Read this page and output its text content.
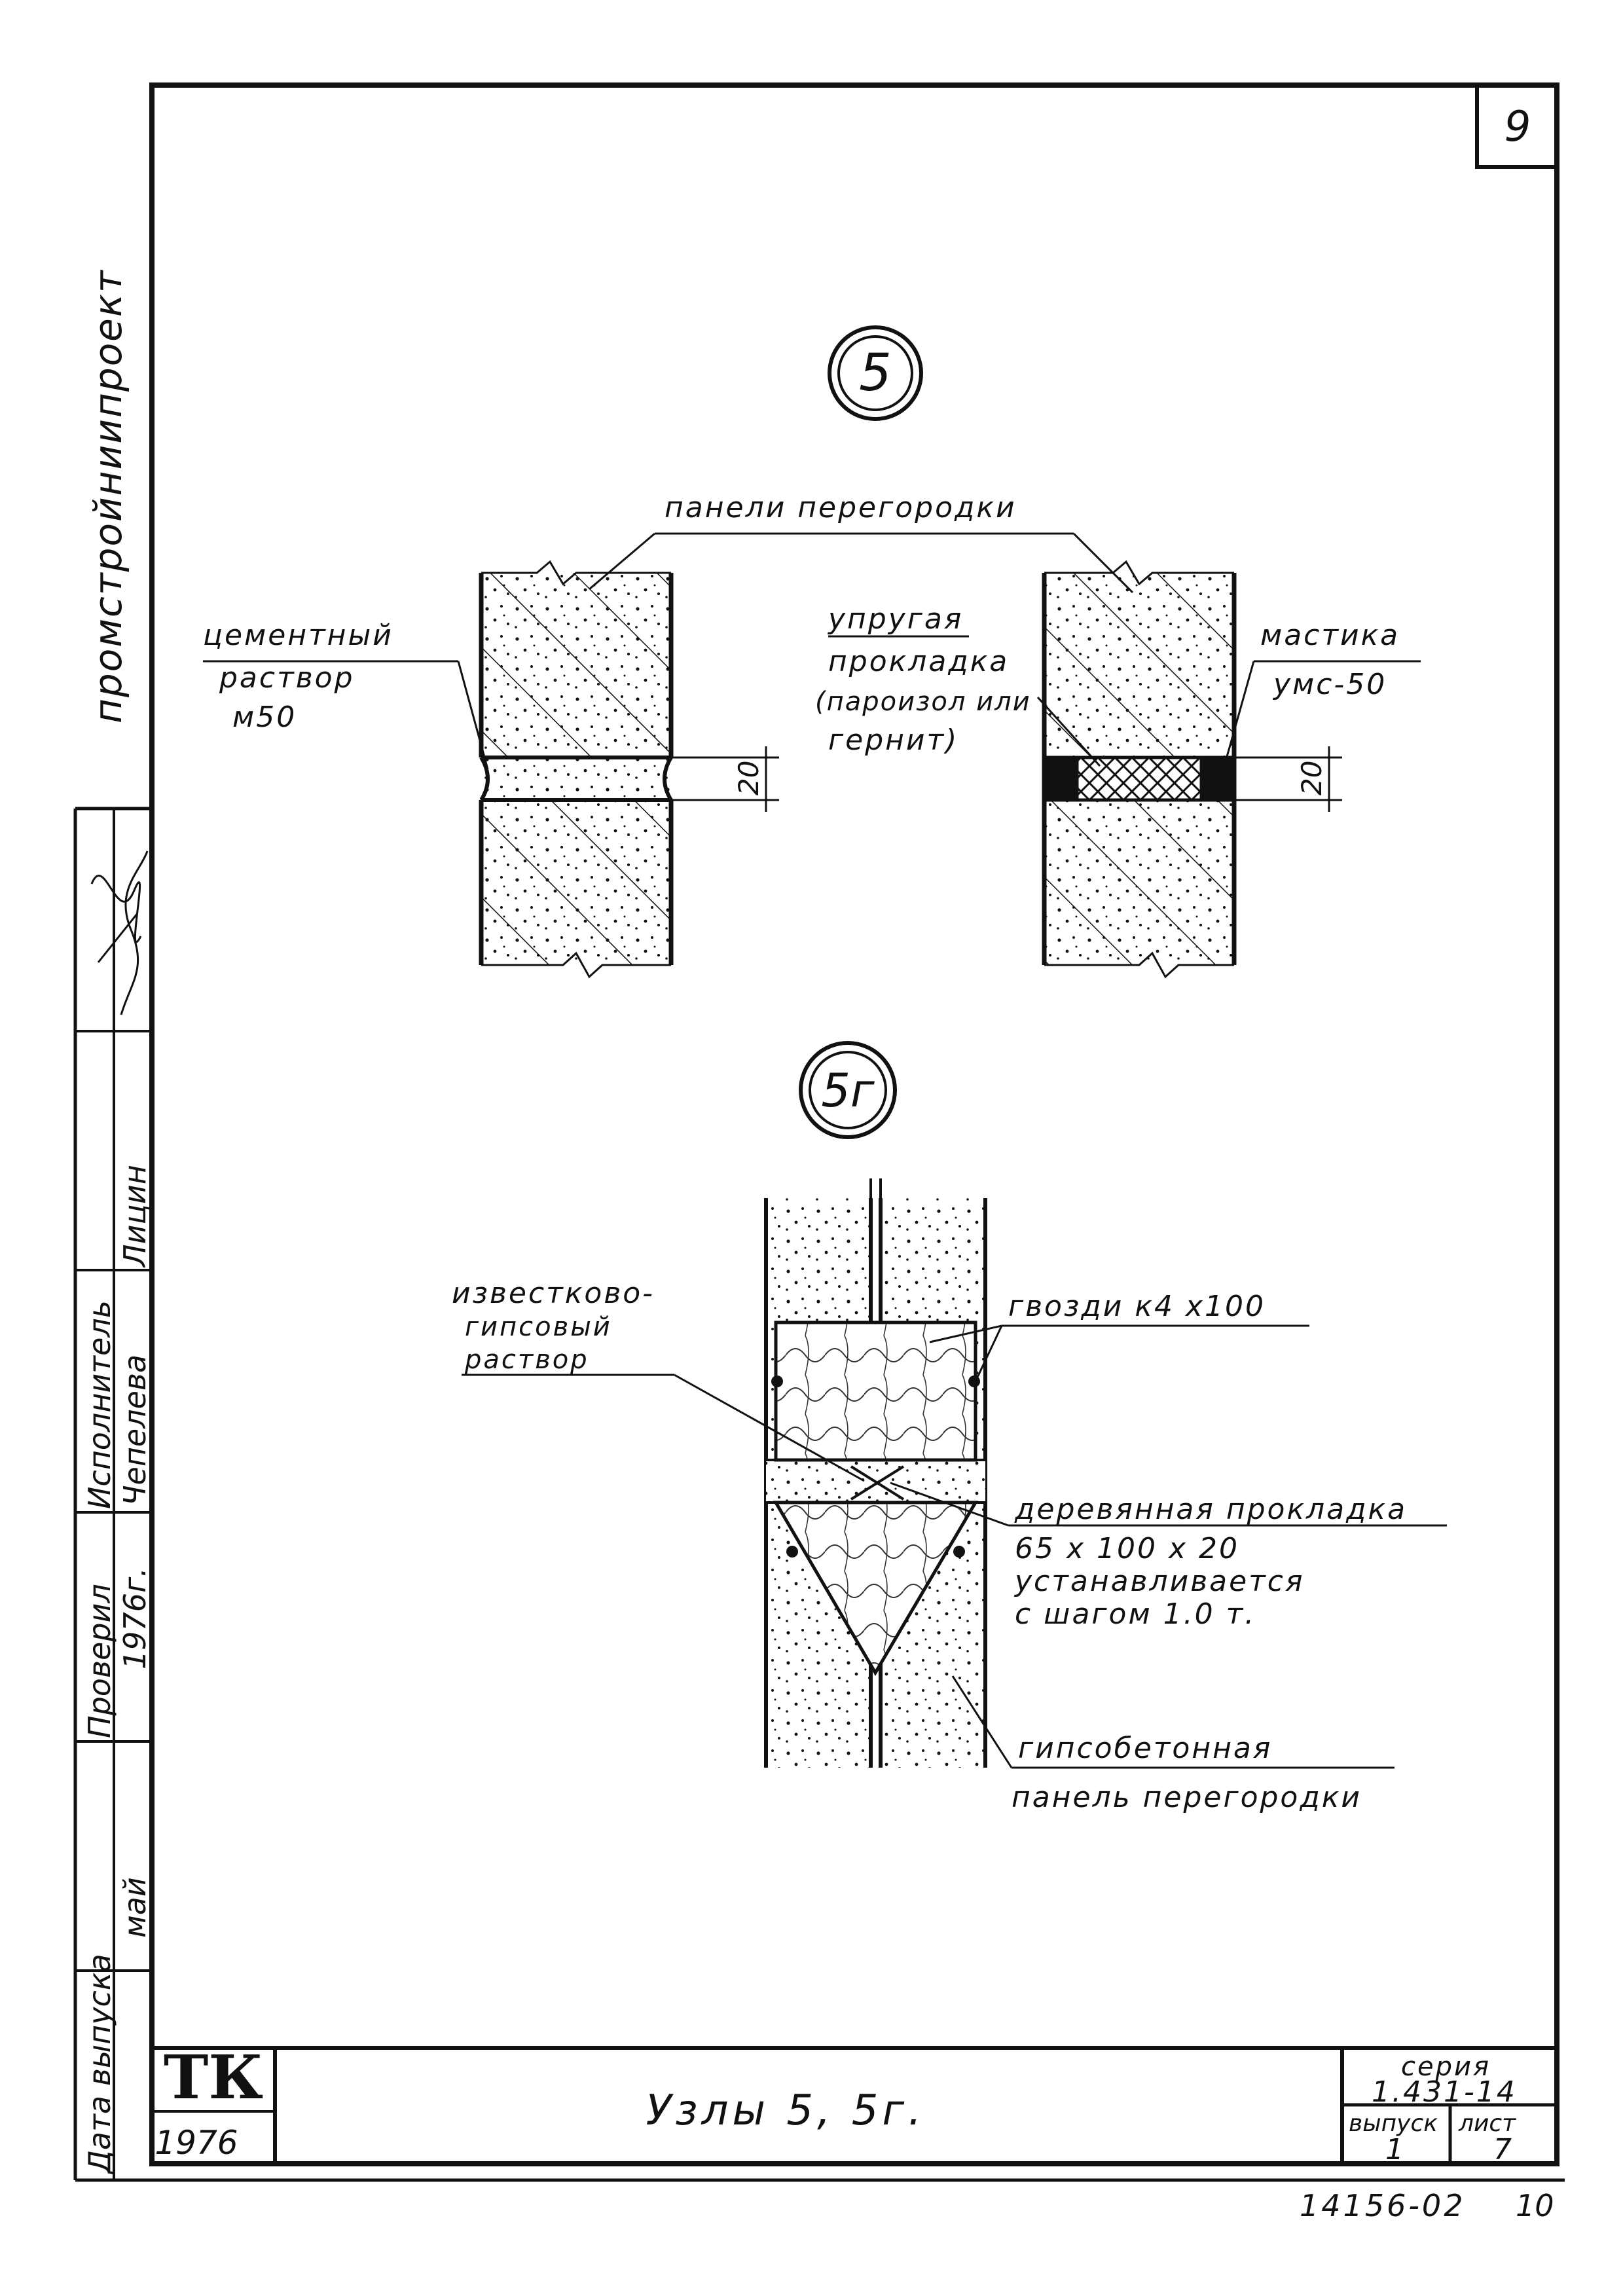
9
промстройниипроект
Исполнитель
Лицин
Проверил
Чепелева
1976г.
май
Дата выпуска
5
20
панели перегородки
цементный
раствор
м50
20
упругая
прокладка
(пароизол или
гернит)
мастика
умс-50
5г
известково-
гипсовый
раствор
гвозди к4 х100
деревянная прокладка
65 х 100 х 20
устанавливается
с шагом 1.0 т.
гипсобетонная
панель перегородки
ТК
1976
Узлы 5, 5г.
серия
1.431-14
выпуск
1
лист
7
14156-02 10
